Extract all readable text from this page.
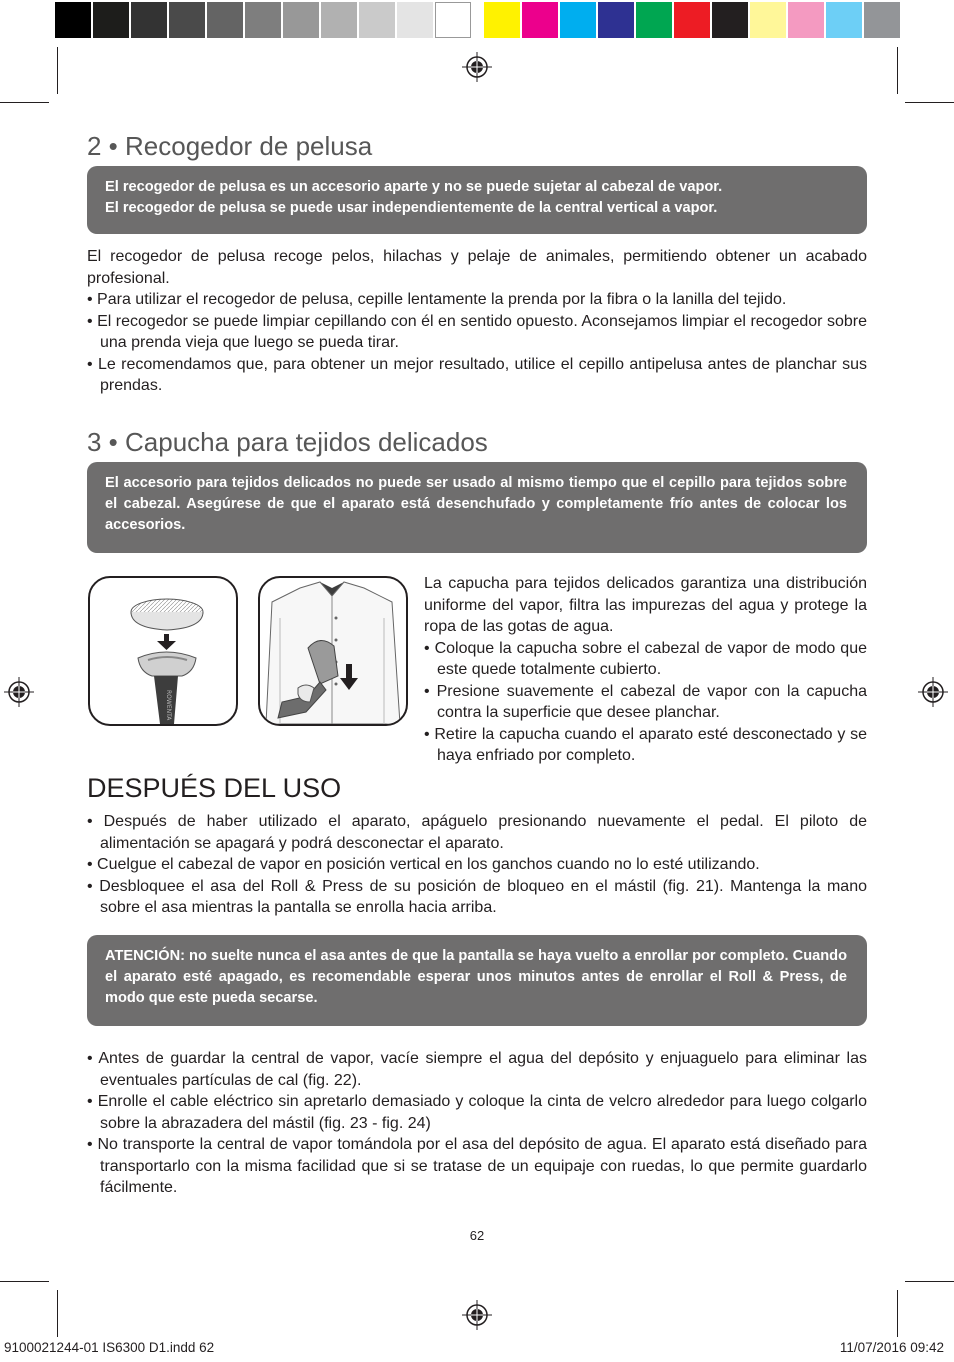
2 • Recogedor de pelusa

El recogedor de pelusa es un accesorio aparte y no se puede sujetar al cabezal de vapor.

El recogedor de pelusa se puede usar independientemente de la central vertical a vapor.

El recogedor de pelusa recoge pelos, hilachas y pelaje de animales, permitiendo obtener un acabado profesional.

• Para utilizar el recogedor de pelusa, cepille lentamente la prenda por la fibra o la lanilla del tejido.

• El recogedor se puede limpiar cepillando con él en sentido opuesto. Aconsejamos limpiar el recogedor sobre una prenda vieja que luego se pueda tirar.

• Le recomendamos que, para obtener un mejor resultado, utilice el cepillo antipelusa antes de planchar sus prendas.

3 • Capucha para tejidos delicados

El accesorio para tejidos delicados no puede ser usado al mismo tiempo que el cepillo para tejidos sobre el cabezal. Asegúrese de que el aparato está desenchufado y completamente frío antes de colocar los accesorios.

ROWENTA

La capucha para tejidos delicados garantiza una distribución uniforme del vapor, filtra las impurezas del agua y protege la ropa de las gotas de agua.

• Coloque la capucha sobre el cabezal de vapor de modo que este quede totalmente cubierto.

• Presione suavemente el cabezal de vapor con la capucha contra la superficie que desee planchar.

• Retire la capucha cuando el aparato esté desconectado y se haya enfriado por completo.

DESPUÉS DEL USO

• Después de haber utilizado el aparato, apáguelo presionando nuevamente el pedal. El piloto de alimentación se apagará y podrá desconectar el aparato.

• Cuelgue el cabezal de vapor en posición vertical en los ganchos cuando no lo esté utilizando.

• Desbloquee el asa del Roll & Press de su posición de bloqueo en el mástil (fig. 21). Mantenga la mano sobre el asa mientras la pantalla se enrolla hacia arriba.

ATENCIÓN: no suelte nunca el asa antes de que la pantalla se haya vuelto a enrollar por completo. Cuando el aparato esté apagado, es recomendable esperar unos minutos antes de enrollar el Roll & Press, de modo que este pueda secarse.

• Antes de guardar la central de vapor, vacíe siempre el agua del depósito y enjuaguelo para eliminar las eventuales partículas de cal (fig. 22).

• Enrolle el cable eléctrico sin apretarlo demasiado y coloque la cinta de velcro alrededor para luego colgarlo sobre la abrazadera del mástil (fig. 23 - fig. 24)

• No transporte la central de vapor tomándola por el asa del depósito de agua. El aparato está diseñado para transportarlo con la misma facilidad que si se tratase de un equipaje con ruedas, lo que permite guardarlo fácilmente.

62
9100021244-01 IS6300 D1.indd 62	11/07/2016 09:42
